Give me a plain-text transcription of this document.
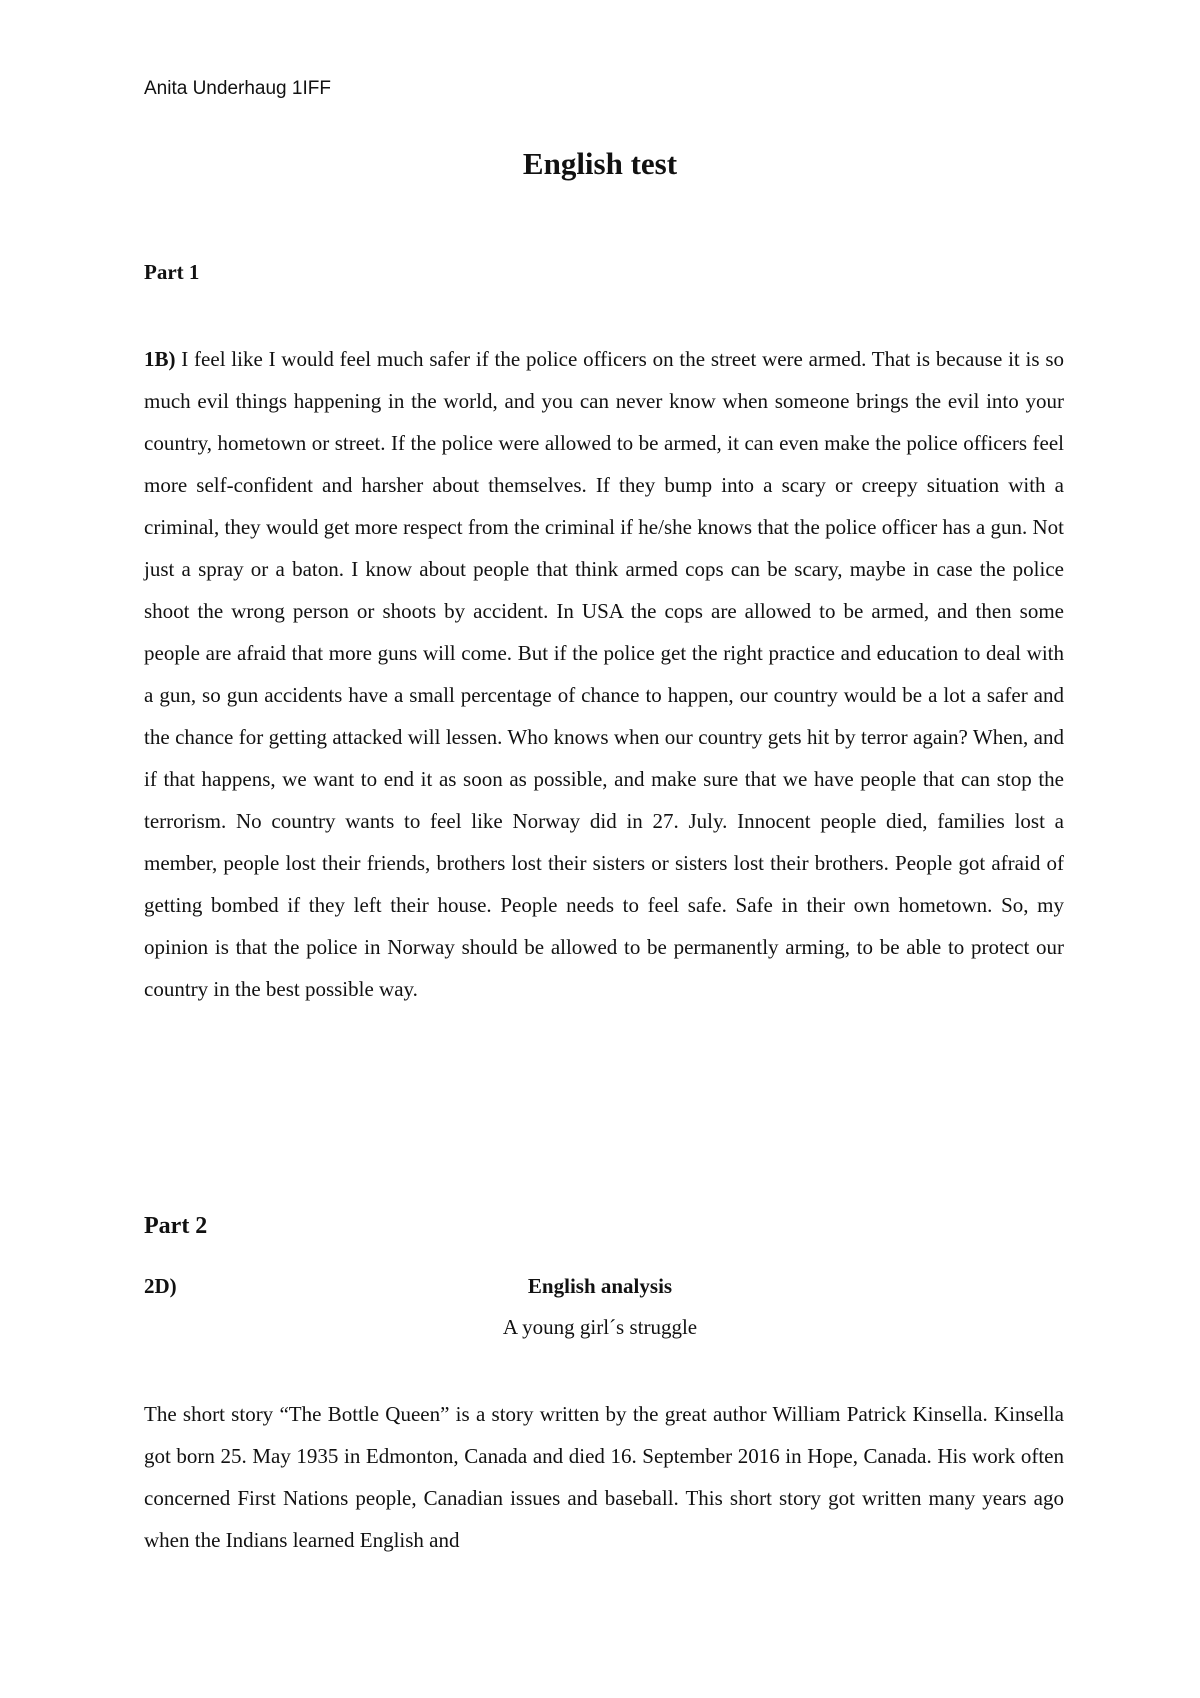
Anita Underhaug 1IFF
English test
Part 1

1B) I feel like I would feel much safer if the police officers on the street were armed. That is because it is so much evil things happening in the world, and you can never know when someone brings the evil into your country, hometown or street. If the police were allowed to be armed, it can even make the police officers feel more self-confident and harsher about themselves. If they bump into a scary or creepy situation with a criminal, they would get more respect from the criminal if he/she knows that the police officer has a gun. Not just a spray or a baton. I know about people that think armed cops can be scary, maybe in case the police shoot the wrong person or shoots by accident. In USA the cops are allowed to be armed, and then some people are afraid that more guns will come. But if the police get the right practice and education to deal with a gun, so gun accidents have a small percentage of chance to happen, our country would be a lot a safer and the chance for getting attacked will lessen. Who knows when our country gets hit by terror again? When, and if that happens, we want to end it as soon as possible, and make sure that we have people that can stop the terrorism. No country wants to feel like Norway did in 27. July. Innocent people died, families lost a member, people lost their friends, brothers lost their sisters or sisters lost their brothers. People got afraid of getting bombed if they left their house. People needs to feel safe. Safe in their own hometown. So, my opinion is that the police in Norway should be allowed to be permanently arming, to be able to protect our country in the best possible way.

Part 2
2D)	English analysis
A young girl´s struggle

The short story “The Bottle Queen” is a story written by the great author William Patrick Kinsella. Kinsella got born 25. May 1935 in Edmonton, Canada and died 16. September 2016 in Hope, Canada. His work often concerned First Nations people, Canadian issues and baseball. This short story got written many years ago when the Indians learned English and
